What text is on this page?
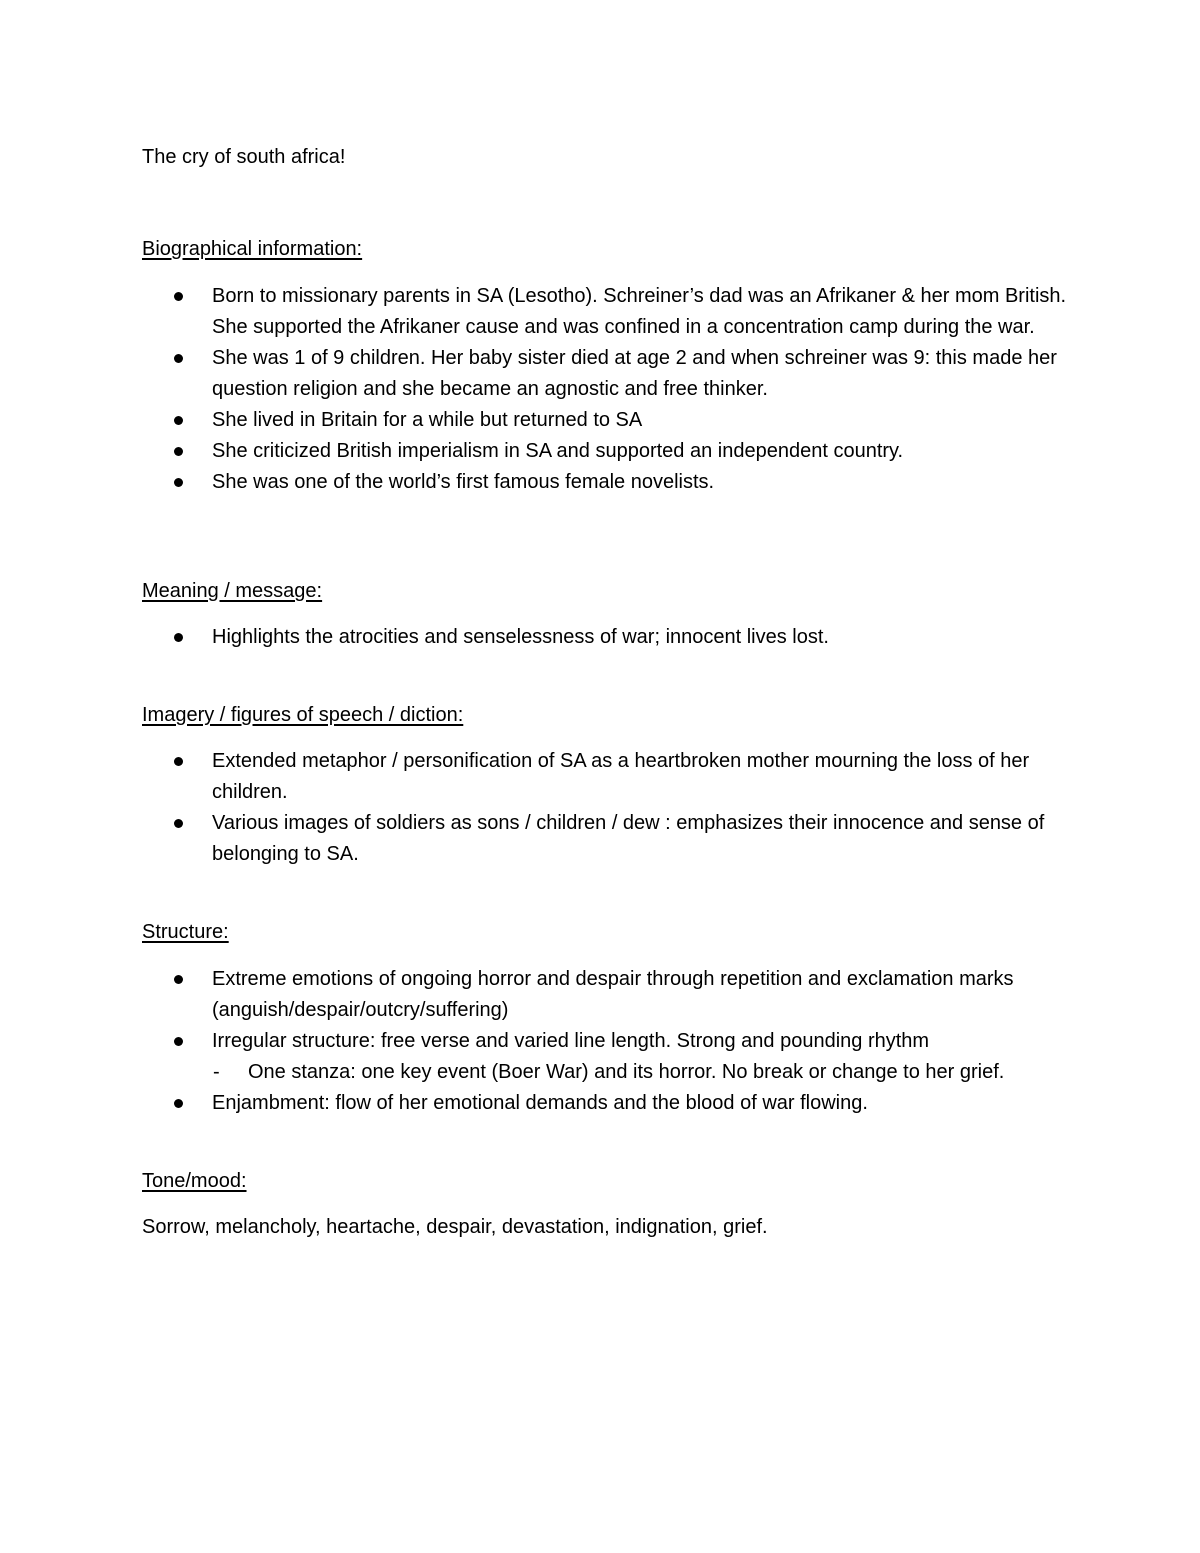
The cry of south africa!

Biographical information:

Born to missionary parents in SA (Lesotho). Schreiner’s dad was an Afrikaner & her mom British. She supported the Afrikaner cause and was confined in a concentration camp during the war.
She was 1 of 9 children. Her baby sister died at age 2 and when schreiner was 9: this made her question religion and she became an agnostic and free thinker.
She lived in Britain for a while but returned to SA
She criticized British imperialism in SA and supported an independent country.
She was one of the world’s first famous female novelists.

Meaning / message:

Highlights the atrocities and senselessness of war; innocent lives lost.

Imagery / figures of speech / diction:

Extended metaphor / personification of SA as a heartbroken mother mourning the loss of her children.
Various images of soldiers as sons / children / dew : emphasizes their innocence and sense of belonging to SA.

Structure:

Extreme emotions of ongoing horror and despair through repetition and exclamation marks (anguish/despair/outcry/suffering)
Irregular structure: free verse and varied line length. Strong and pounding rhythm
- One stanza: one key event (Boer War) and its horror. No break or change to her grief.
Enjambment: flow of her emotional demands and the blood of war flowing.

Tone/mood:

Sorrow, melancholy, heartache, despair, devastation, indignation, grief.
